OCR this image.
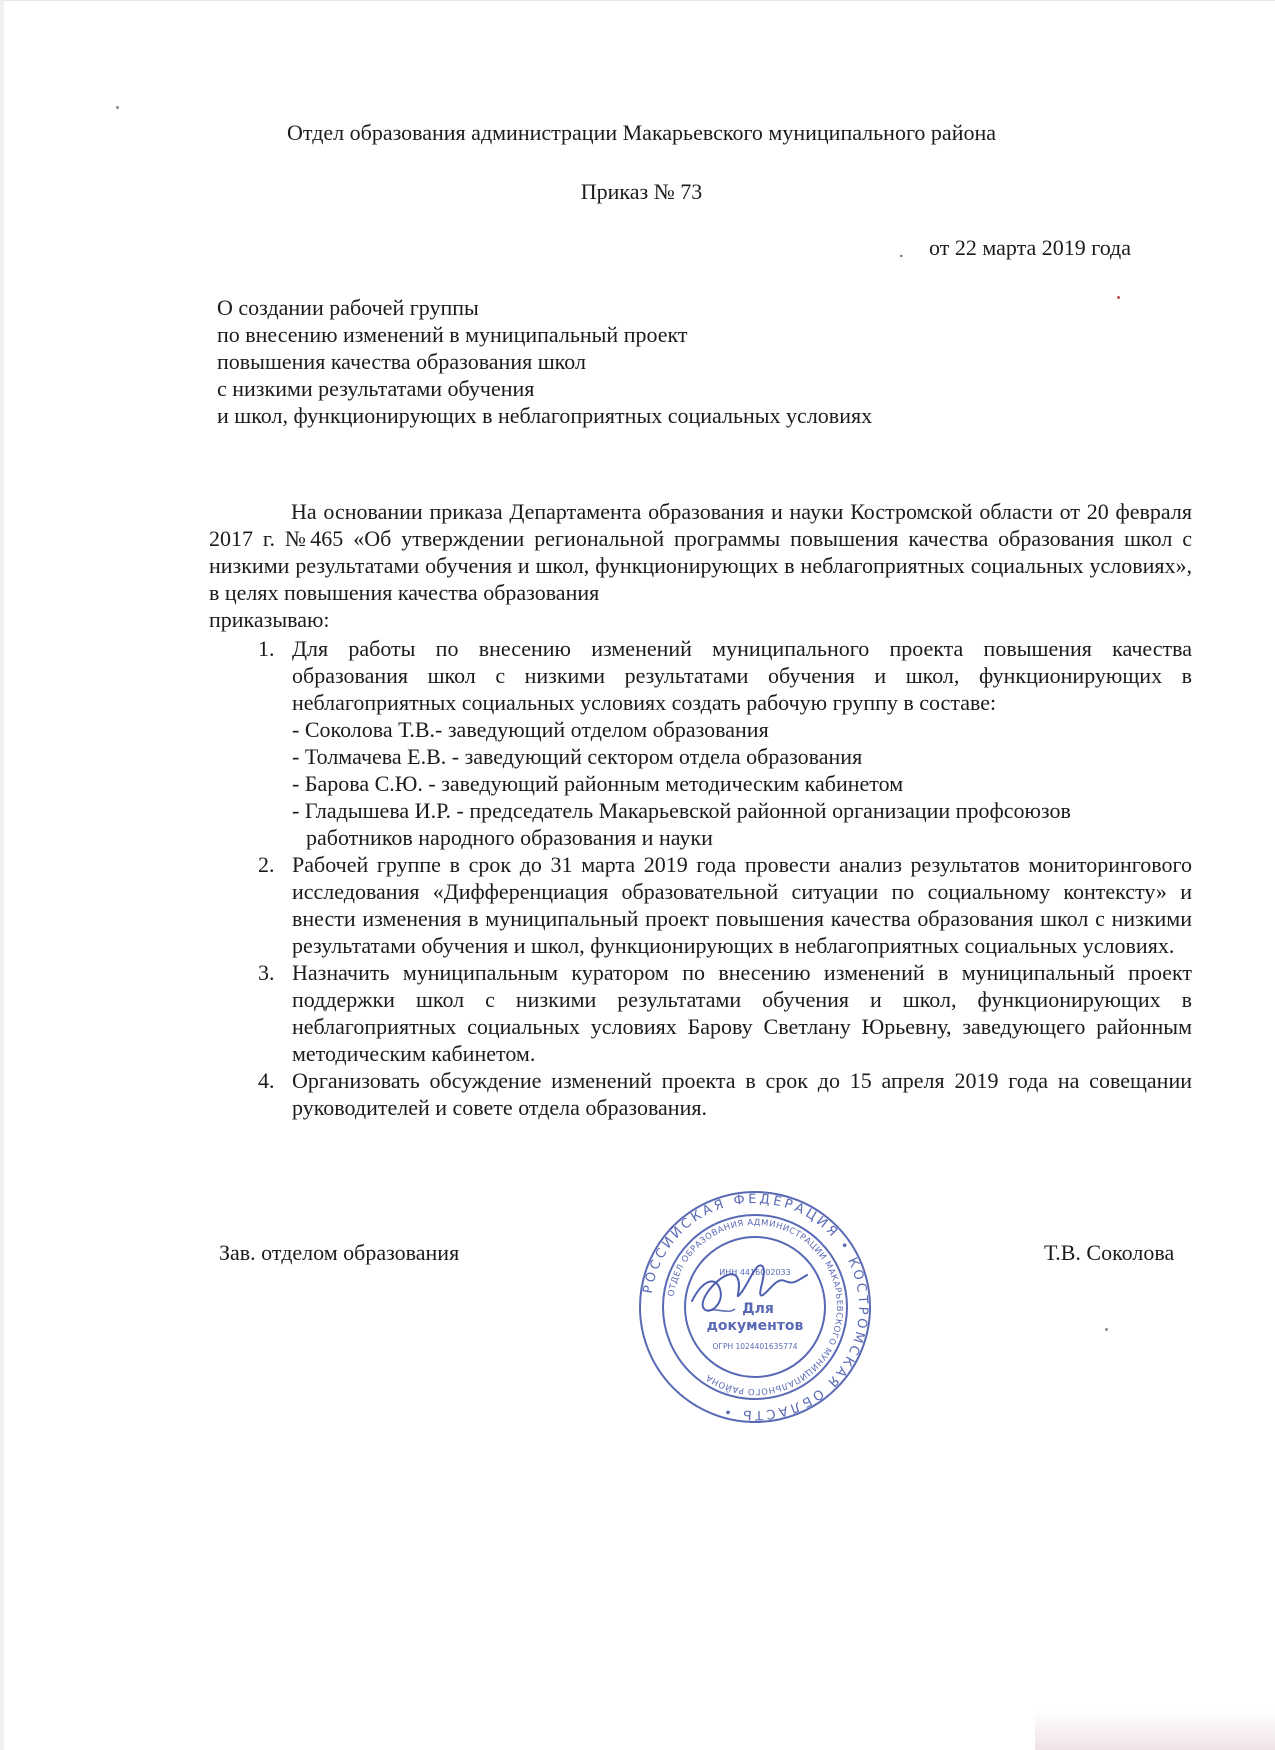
Отдел образования администрации Макарьевского муниципального района
Приказ № 73
. от 22 марта 2019 года
О создании рабочей группы
по внесению изменений в муниципальный проект
повышения качества образования школ
с низкими результатами обучения
и школ, функционирующих в неблагоприятных социальных условиях
На основании приказа Департамента образования и науки Костромской области от 20 февраля 2017 г. №465 «Об утверждении региональной программы повышения качества образования школ с низкими результатами обучения и школ, функционирующих в неблагоприятных социальных условиях», в целях повышения качества образования
приказываю:
1. Для работы по внесению изменений муниципального проекта повышения качества образования школ с низкими результатами обучения и школ, функционирующих в неблагоприятных социальных условиях создать рабочую группу в составе:
- Соколова Т.В.- заведующий отделом образования
- Толмачева Е.В. - заведующий сектором отдела образования
- Барова С.Ю. - заведующий районным методическим кабинетом
- Гладышева И.Р. - председатель Макарьевской районной организации профсоюзов
работников народного образования и науки
2. Рабочей группе в срок до 31 марта 2019 года провести анализ результатов мониторингового исследования «Дифференциация образовательной ситуации по социальному контексту» и внести изменения в муниципальный проект повышения качества образования школ с низкими результатами обучения и школ, функционирующих в неблагоприятных социальных условиях.
3. Назначить муниципальным куратором по внесению изменений в муниципальный проект поддержки школ с низкими результатами обучения и школ, функционирующих в неблагоприятных социальных условиях Барову Светлану Юрьевну, заведующего районным методическим кабинетом.
4. Организовать обсуждение изменений проекта в срок до 15 апреля 2019 года на совещании руководителей и совете отдела образования.
Зав. отделом образования	Т.В. Соколова
РОССИЙСКАЯ ФЕДЕРАЦИЯ • КОСТРОМСКАЯ ОБЛАСТЬ •
ОТДЕЛ ОБРАЗОВАНИЯ АДМИНИСТРАЦИИ МАКАРЬЕВСКОГО МУНИЦИПАЛЬНОГО РАЙОНА
ИНН 4416002033
Для
документов
ОГРН 1024401635774
